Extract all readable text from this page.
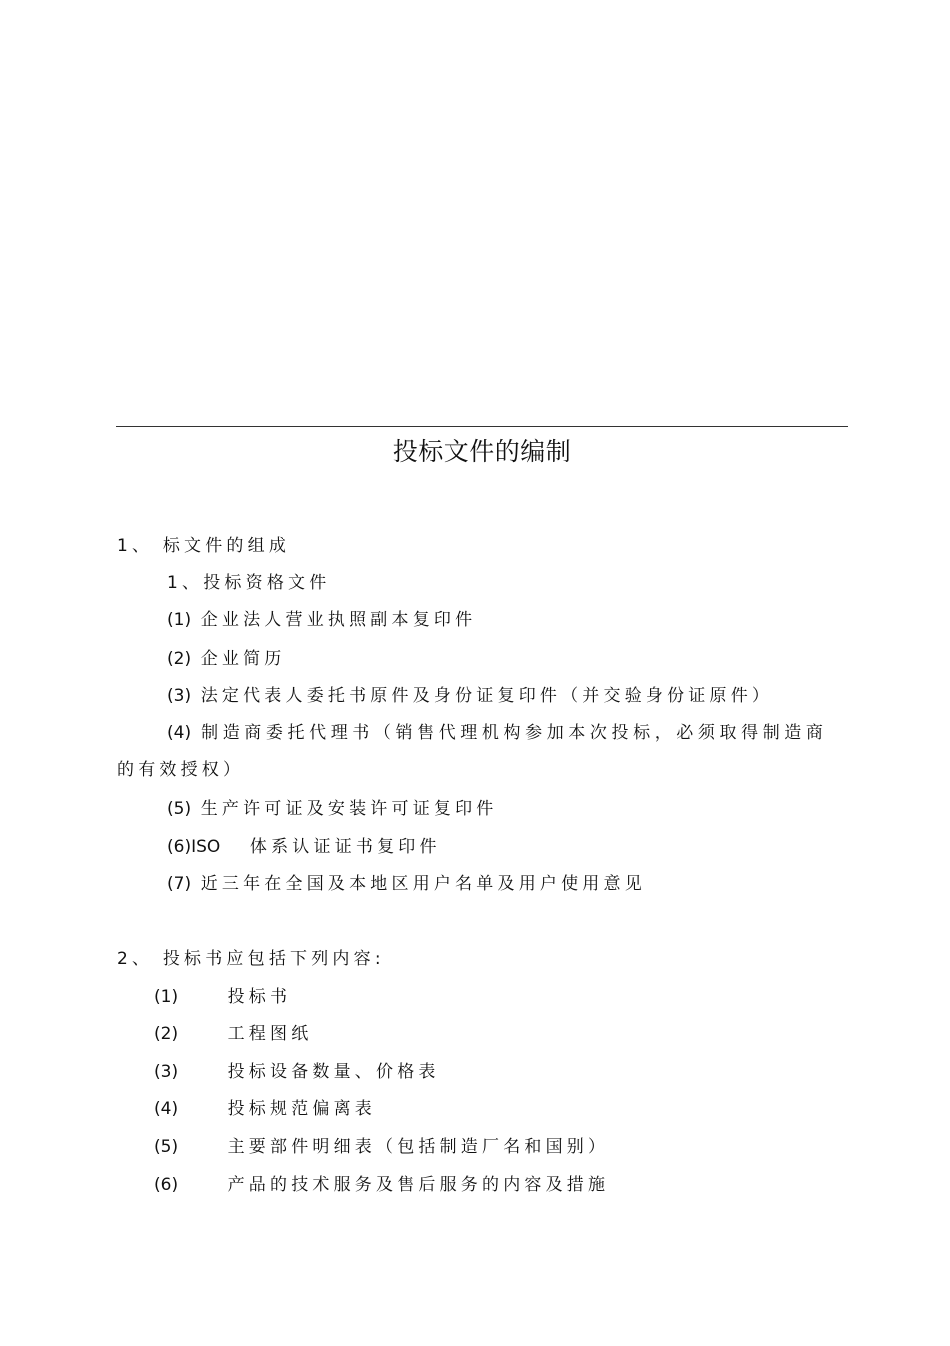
投标文件的编制
1、 标文件的组成
1、投标资格文件
(1) 企业法人营业执照副本复印件
(2) 企业简历
(3) 法定代表人委托书原件及身份证复印件（并交验身份证原件）
(4) 制造商委托代理书（销售代理机构参加本次投标，必须取得制造商
的有效授权）
(5) 生产许可证及安装许可证复印件
(6)ISO 体系认证证书复印件
(7) 近三年在全国及本地区用户名单及用户使用意见
2、 投标书应包括下列内容:
(1)	投标书
(2)	工程图纸
(3)	投标设备数量、价格表
(4)	投标规范偏离表
(5)	主要部件明细表（包括制造厂名和国别）
(6)	产品的技术服务及售后服务的内容及措施
